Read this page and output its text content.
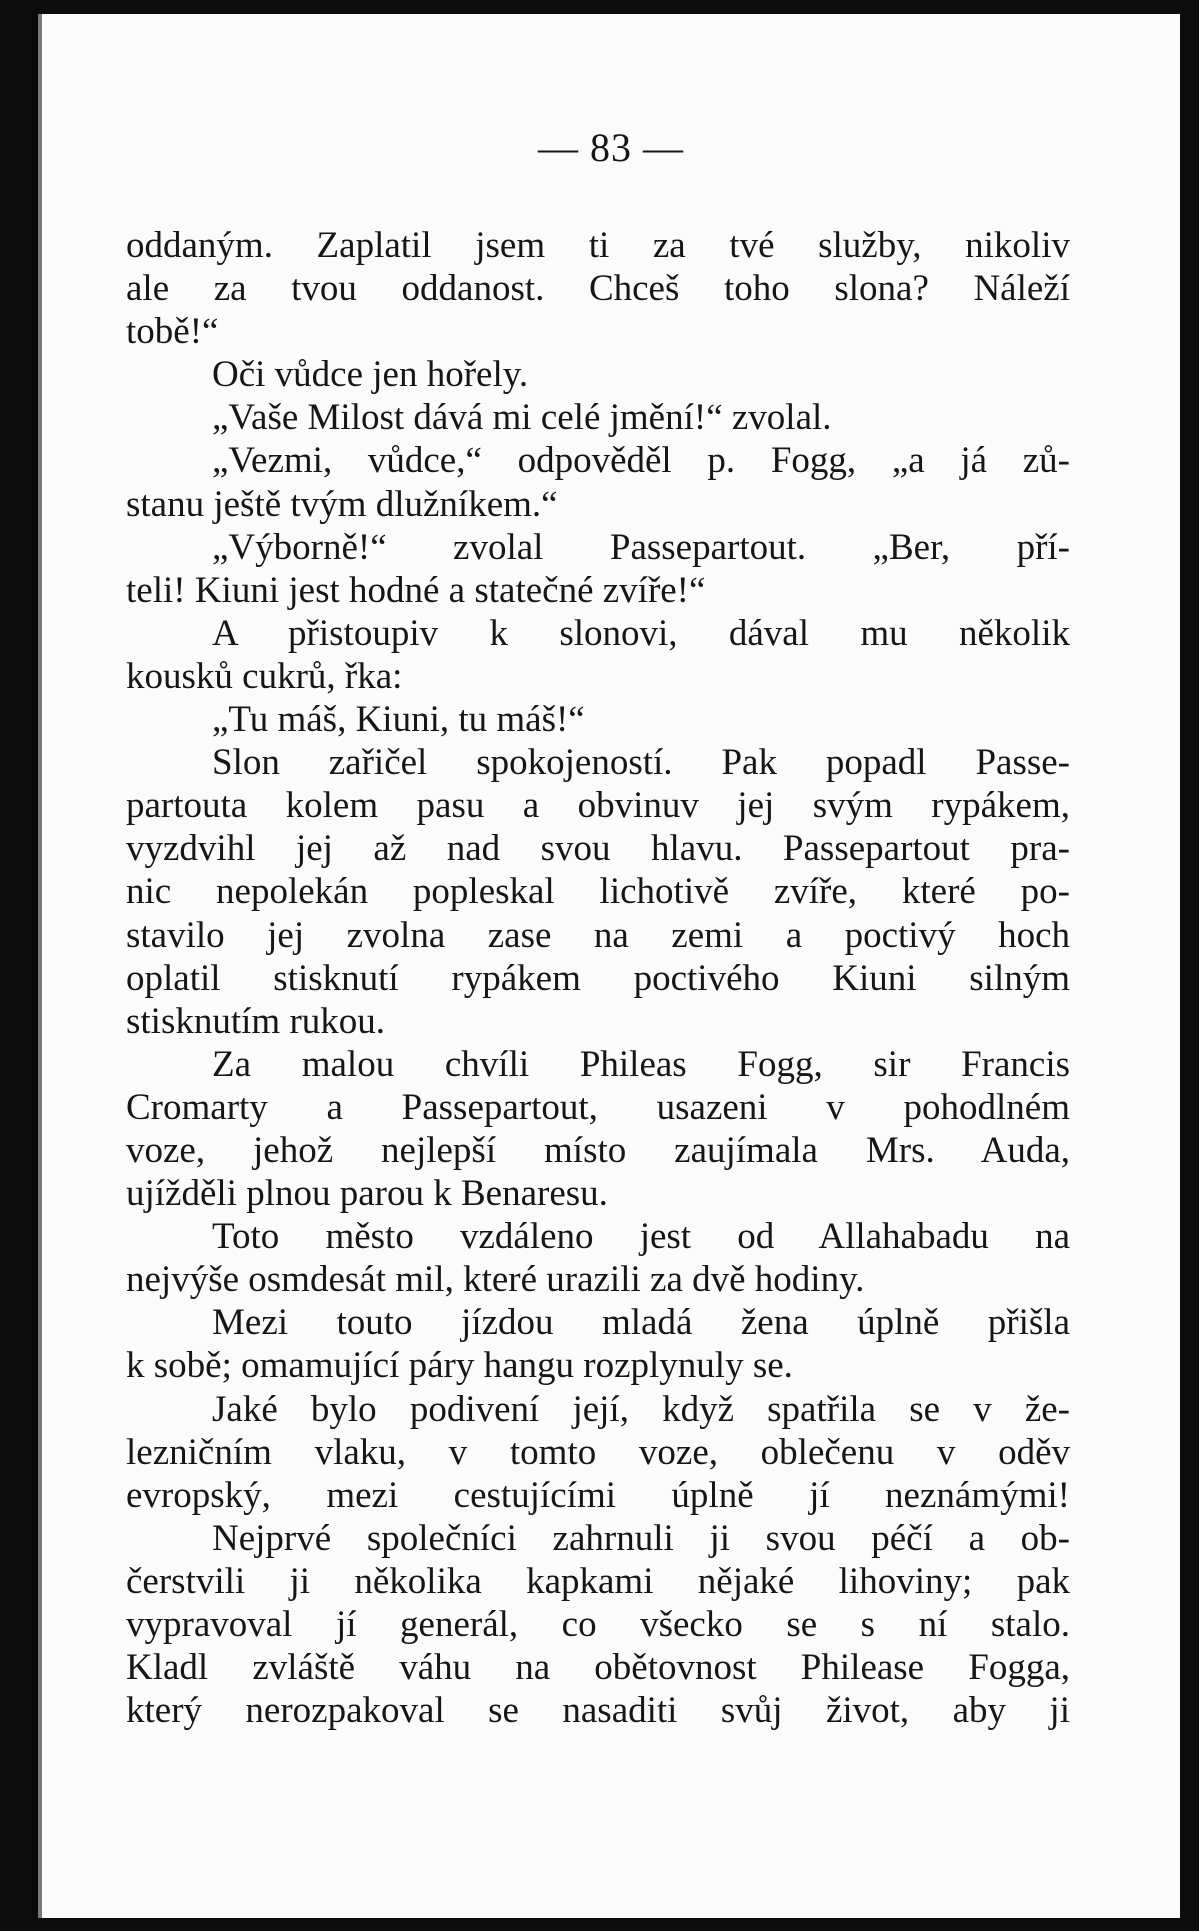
— 83 —
oddaným. Zaplatil jsem ti za tvé služby, nikoliv
ale za tvou oddanost. Chceš toho slona? Náleží
tobě!“
Oči vůdce jen hořely.
„Vaše Milost dává mi celé jmění!“ zvolal.
„Vezmi, vůdce,“ odpověděl p. Fogg, „a já zů-
stanu ještě tvým dlužníkem.“
„Výborně!“ zvolal Passepartout. „Ber, pří-
teli! Kiuni jest hodné a statečné zvíře!“
A přistoupiv k slonovi, dával mu několik
kousků cukrů, řka:
„Tu máš, Kiuni, tu máš!“
Slon zařičel spokojeností. Pak popadl Passe-
partouta kolem pasu a obvinuv jej svým rypákem,
vyzdvihl jej až nad svou hlavu. Passepartout pra-
nic nepolekán popleskal lichotivě zvíře, které po-
stavilo jej zvolna zase na zemi a poctivý hoch
oplatil stisknutí rypákem poctivého Kiuni silným
stisknutím rukou.
Za malou chvíli Phileas Fogg, sir Francis
Cromarty a Passepartout, usazeni v pohodlném
voze, jehož nejlepší místo zaujímala Mrs. Auda,
ujížděli plnou parou k Benaresu.
Toto město vzdáleno jest od Allahabadu na
nejvýše osmdesát mil, které urazili za dvě hodiny.
Mezi touto jízdou mladá žena úplně přišla
k sobě; omamující páry hangu rozplynuly se.
Jaké bylo podivení její, když spatřila se v že-
lezničním vlaku, v tomto voze, oblečenu v oděv
evropský, mezi cestujícími úplně jí neznámými!
Nejprvé společníci zahrnuli ji svou péčí a ob-
čerstvili ji několika kapkami nějaké lihoviny; pak
vypravoval jí generál, co všecko se s ní stalo.
Kladl zvláště váhu na obětovnost Philease Fogga,
který nerozpakoval se nasaditi svůj život, aby ji
